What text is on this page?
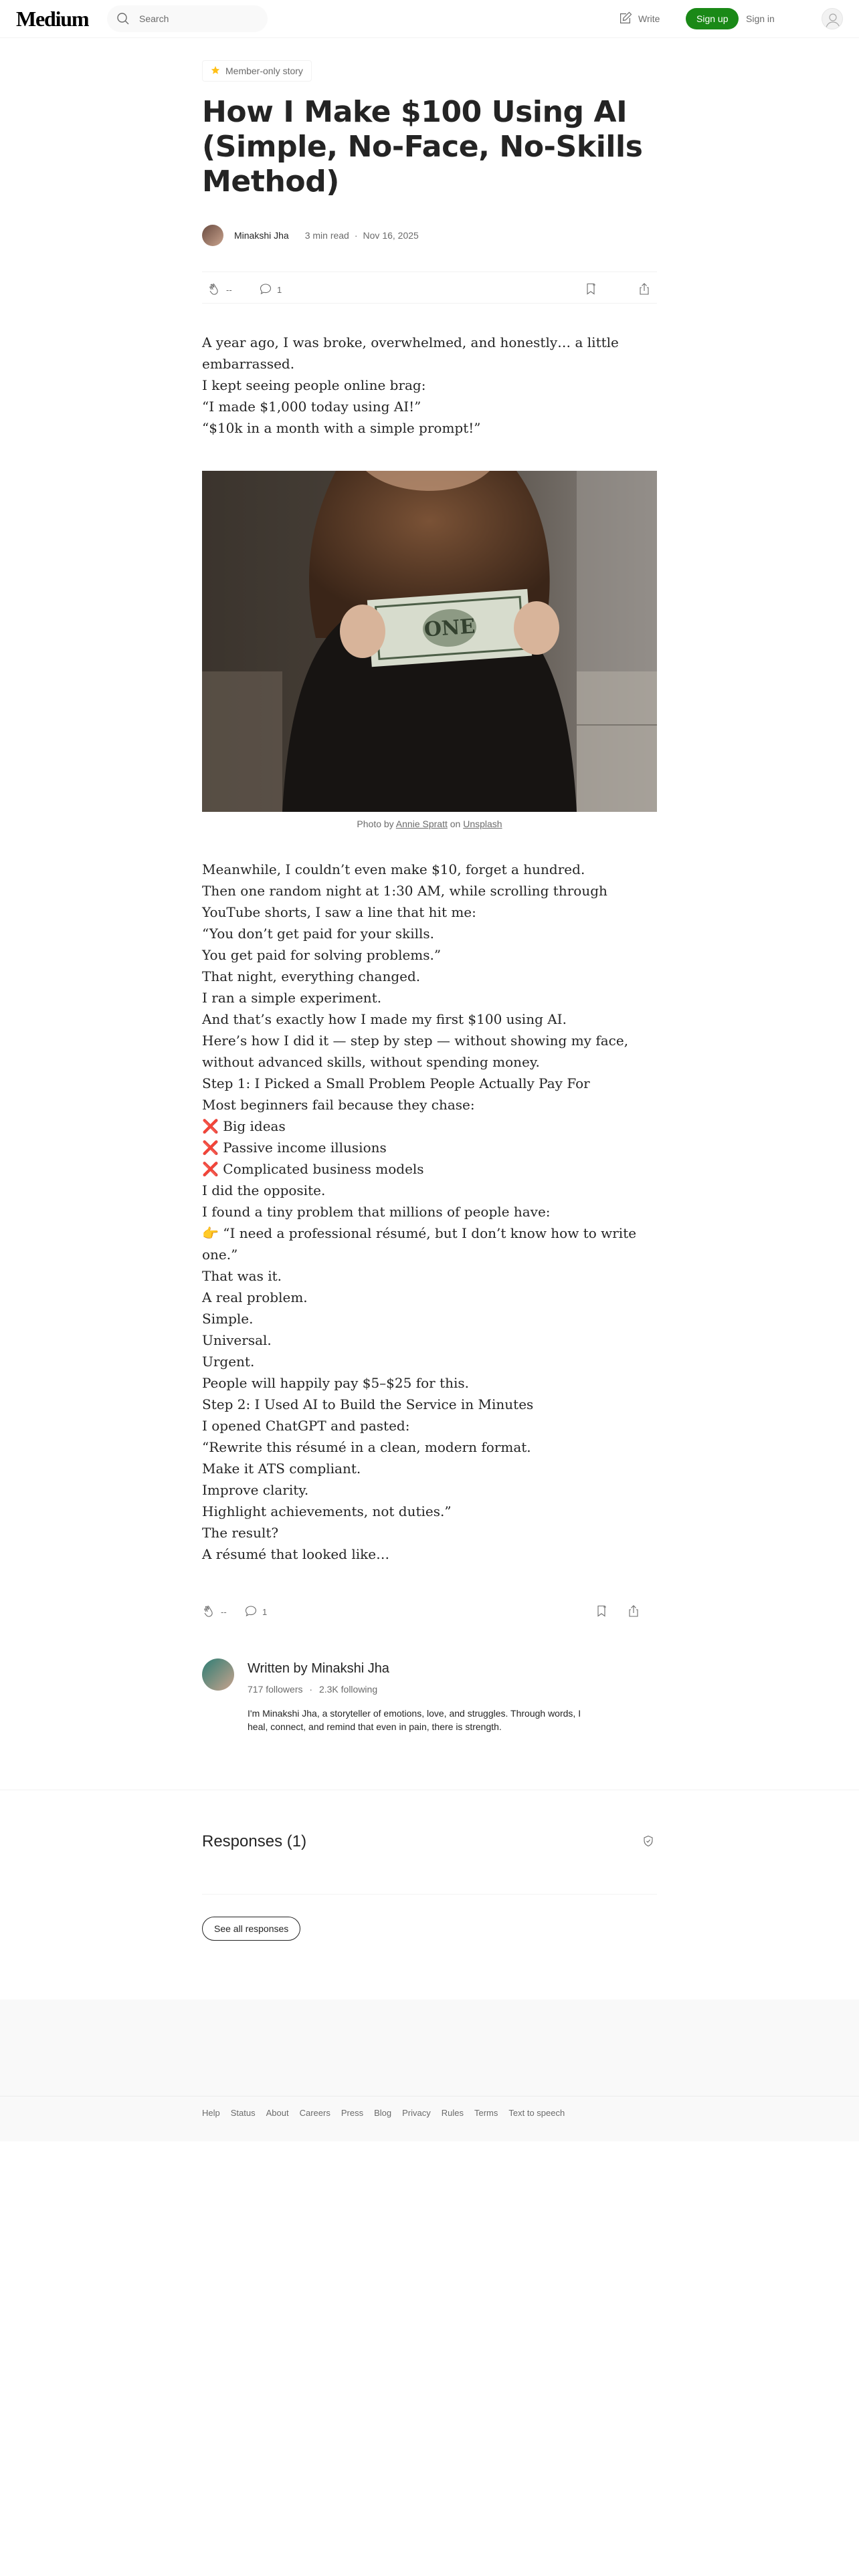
Medium	Search	Write	Sign up	Sign in
Member-only story
How I Make $100 Using AI (Simple, No-Face, No-Skills Method)
Minakshi Jha 3 min read · Nov 16, 2025
--	1

A year ago, I was broke, overwhelmed, and honestly… a little embarrassed.

I kept seeing people online brag:

“I made $1,000 today using AI!”

“$10k in a month with a simple prompt!”

ONE
Photo by Annie Spratt on Unsplash

Meanwhile, I couldn’t even make $10, forget a hundred.

Then one random night at 1:30 AM, while scrolling through YouTube shorts, I saw a line that hit me:

“You don’t get paid for your skills.

You get paid for solving problems.”

That night, everything changed.

I ran a simple experiment.

And that’s exactly how I made my first $100 using AI.

Here’s how I did it — step by step — without showing my face, without advanced skills, without spending money.

Step 1: I Picked a Small Problem People Actually Pay For

Most beginners fail because they chase:

❌ Big ideas

❌ Passive income illusions

❌ Complicated business models

I did the opposite.

I found a tiny problem that millions of people have:

👉 “I need a professional résumé, but I don’t know how to write one.”

That was it.

A real problem.

Simple.

Universal.

Urgent.

People will happily pay $5–$25 for this.

Step 2: I Used AI to Build the Service in Minutes

I opened ChatGPT and pasted:

“Rewrite this résumé in a clean, modern format.

Make it ATS compliant.

Improve clarity.

Highlight achievements, not duties.”

The result?

A résumé that looked like…

--	1
Written by Minakshi Jha
717 followers · 2.3K following
I'm Minakshi Jha, a storyteller of emotions, love, and struggles. Through words, I heal, connect, and remind that even in pain, there is strength.
Responses (1)
See all responses
Help Status About Careers Press Blog Privacy Rules Terms Text to speech
